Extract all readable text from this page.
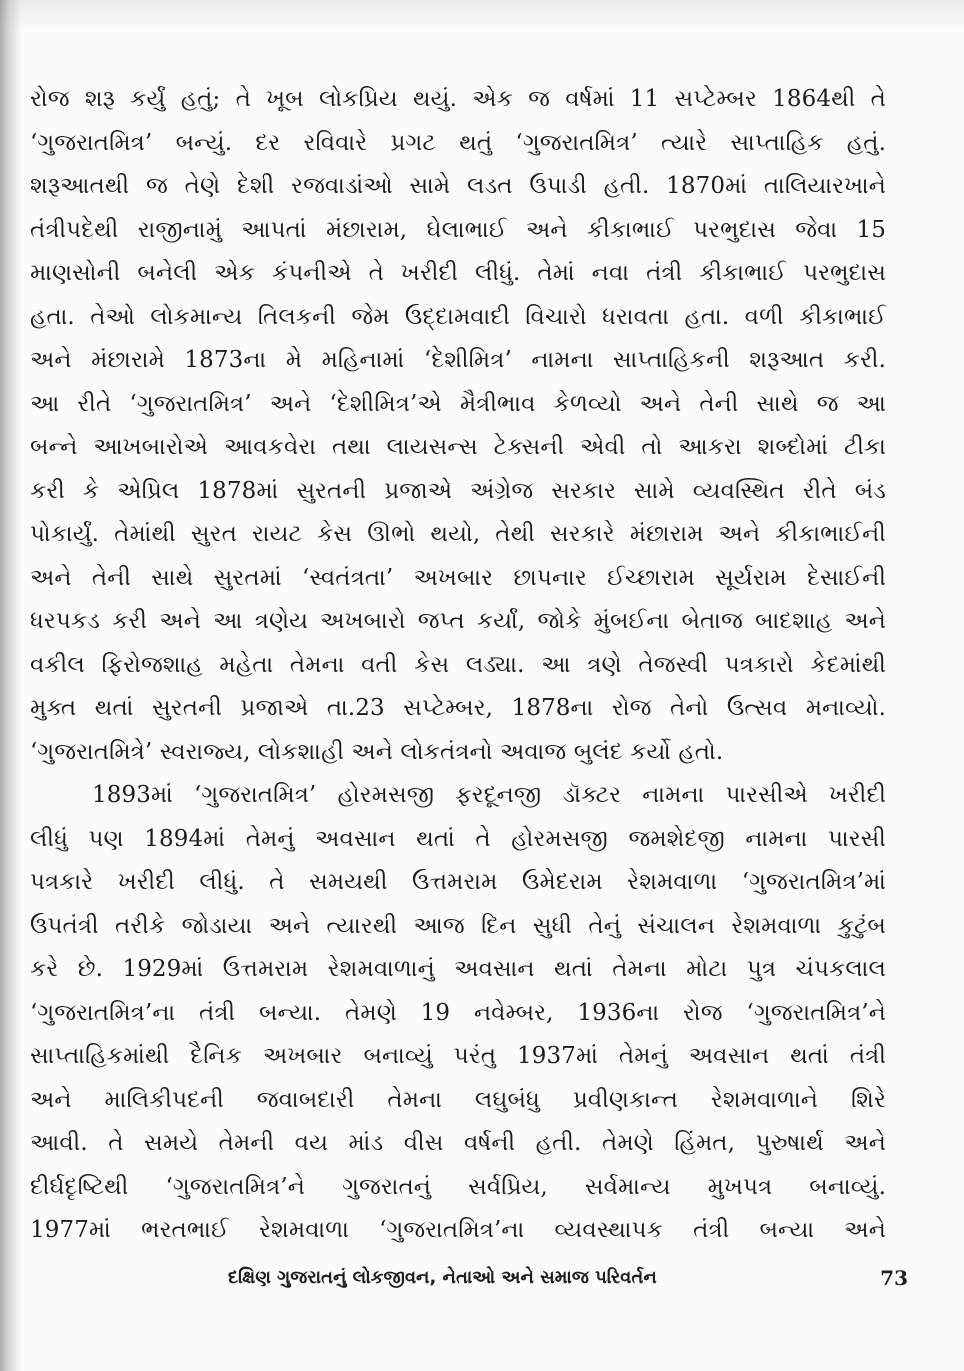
રોજ શરૂ કર્યું હતું; તે ખૂબ લોકપ્રિય થયું. એક જ વર્ષમાં 11 સપ્ટેમ્બર 1864થી તે
‘ગુજરાતમિત્ર’ બન્યું. દર રવિવારે પ્રગટ થતું ‘ગુજરાતમિત્ર’ ત્યારે સાપ્તાહિક હતું.
શરૂઆતથી જ તેણે દેશી રજવાડાંઓ સામે લડત ઉપાડી હતી. 1870માં તાલિયારખાને
તંત્રીપદેથી રાજીનામું આપતાં મંછારામ, ઘેલાભાઈ અને કીકાભાઈ પરભુદાસ જેવા 15
માણસોની બનેલી એક કંપનીએ તે ખરીદી લીધું. તેમાં નવા તંત્રી કીકાભાઈ પરભુદાસ
હતા. તેઓ લોકમાન્ય તિલકની જેમ ઉદ્દામવાદી વિચારો ધરાવતા હતા. વળી કીકાભાઈ
અને મંછારામે 1873ના મે મહિનામાં ‘દેશીમિત્ર’ નામના સાપ્તાહિકની શરૂઆત કરી.
આ રીતે ‘ગુજરાતમિત્ર’ અને ‘દેશીમિત્ર’એ મૈત્રીભાવ કેળવ્યો અને તેની સાથે જ આ
બન્ને આખબારોએ આવકવેરા તથા લાયસન્સ ટેક્સની એવી તો આકરા શબ્દોમાં ટીકા
કરી કે એપ્રિલ 1878માં સુરતની પ્રજાએ અંગ્રેજ સરકાર સામે વ્યવસ્થિત રીતે બંડ
પોકાર્યું. તેમાંથી સુરત રાયટ કેસ ઊભો થયો, તેથી સરકારે મંછારામ અને કીકાભાઈની
અને તેની સાથે સુરતમાં ‘સ્વતંત્રતા’ અખબાર છાપનાર ઈચ્છારામ સૂર્યરામ દેસાઈની
ધરપકડ કરી અને આ ત્રણેય અખબારો જપ્ત કર્યાં, જોકે મુંબઈના બેતાજ બાદશાહ અને
વકીલ ફિરોજશાહ મહેતા તેમના વતી કેસ લડ્યા. આ ત્રણે તેજસ્વી પત્રકારો કેદમાંથી
મુક્ત થતાં સુરતની પ્રજાએ તા.23 સપ્ટેમ્બર, 1878ના રોજ તેનો ઉત્સવ મનાવ્યો.
‘ગુજરાતમિત્રે’ સ્વરાજ્ય, લોકશાહી અને લોકતંત્રનો અવાજ બુલંદ કર્યો હતો.
1893માં ‘ગુજરાતમિત્ર’ હોરમસજી ફરદૂનજી ડૉક્ટર નામના પારસીએ ખરીદી
લીધું પણ 1894માં તેમનું અવસાન થતાં તે હોરમસજી જમશેદજી નામના પારસી
પત્રકારે ખરીદી લીધું. તે સમયથી ઉત્તમરામ ઉમેદરામ રેશમવાળા ‘ગુજરાતમિત્ર’માં
ઉપતંત્રી તરીકે જોડાયા અને ત્યારથી આજ દિન સુધી તેનું સંચાલન રેશમવાળા કુટુંબ
કરે છે. 1929માં ઉત્તમરામ રેશમવાળાનું અવસાન થતાં તેમના મોટા પુત્ર ચંપકલાલ
‘ગુજરાતમિત્ર’ના તંત્રી બન્યા. તેમણે 19 નવેમ્બર, 1936ના રોજ ‘ગુજરાતમિત્ર’ને
સાપ્તાહિકમાંથી દૈનિક અખબાર બનાવ્યું પરંતુ 1937માં તેમનું અવસાન થતાં તંત્રી
અને માલિકીપદની જવાબદારી તેમના લઘુબંધુ પ્રવીણકાન્ત રેશમવાળાને શિરે
આવી. તે સમયે તેમની વય માંડ વીસ વર્ષની હતી. તેમણે હિંમત, પુરુષાર્થ અને
દીર્ઘદૃષ્ટિથી ‘ગુજરાતમિત્ર’ને ગુજરાતનું સર્વપ્રિય, સર્વમાન્ય મુખપત્ર બનાવ્યું.
1977માં ભરતભાઈ રેશમવાળા ‘ગુજરાતમિત્ર’ના વ્યવસ્થાપક તંત્રી બન્યા અને
દક્ષિણ ગુજરાતનું લોકજીવન, નેતાઓ અને સમાજ પરિવર્તન	73
